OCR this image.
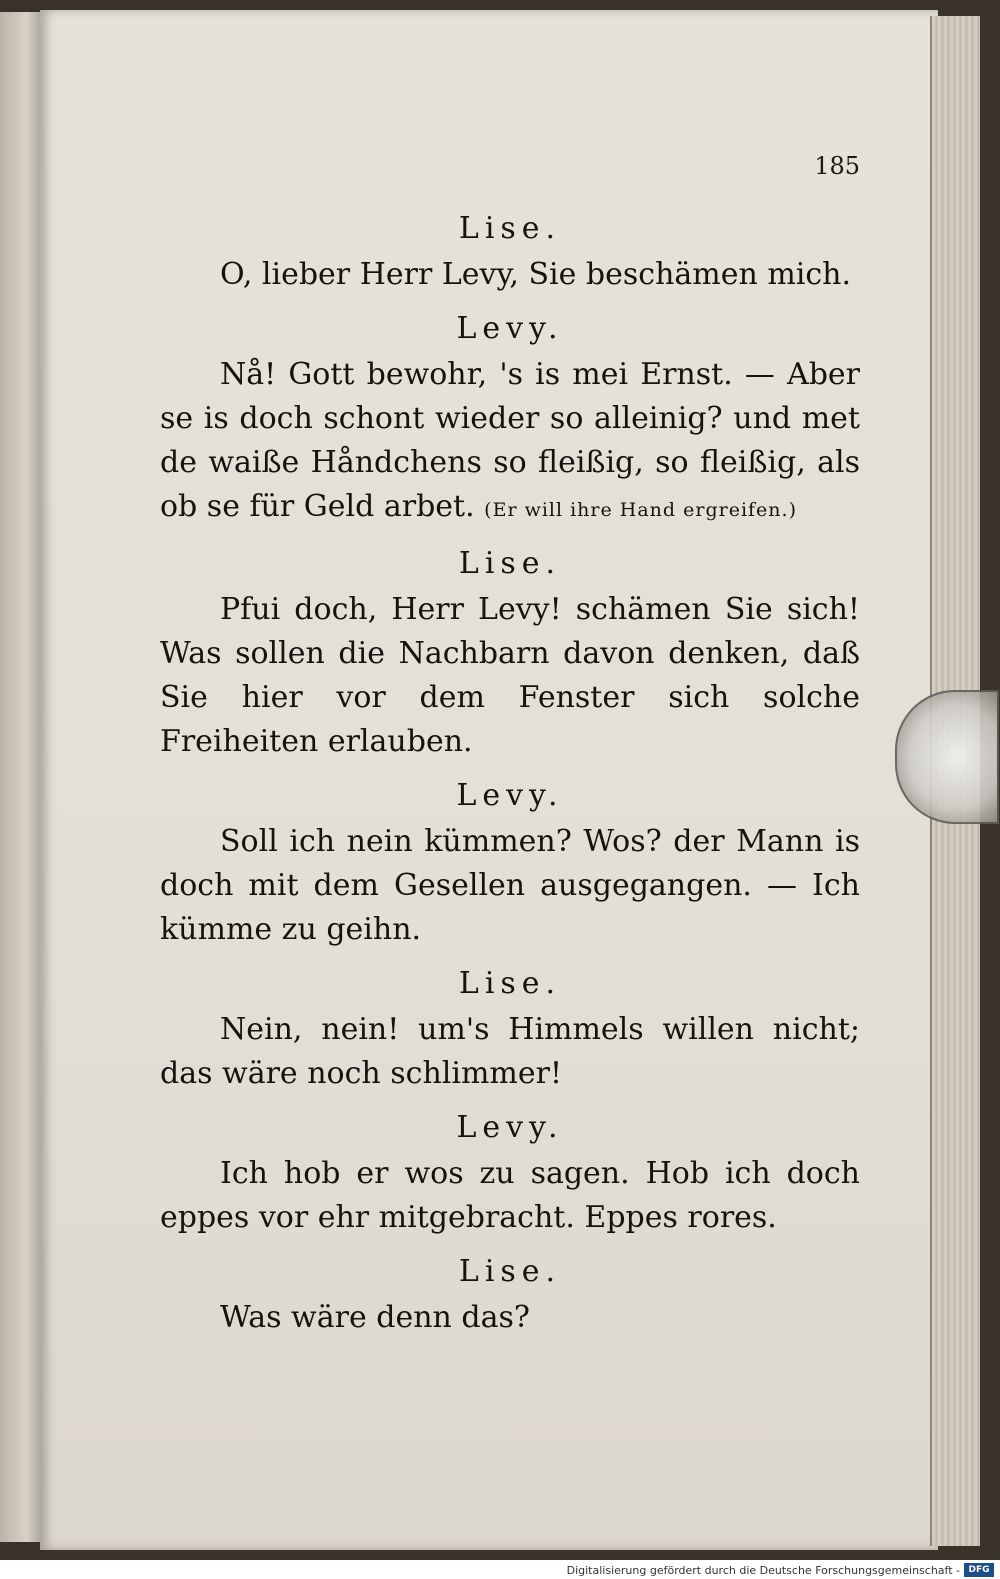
185

Lise.

O, lieber Herr Levy, Sie beschämen mich.

Levy.

Nå! Gott bewohr, 's is mei Ernst. — Aber se is doch schont wieder so alleinig? und met de waiße Håndchens so fleißig, so fleißig, als ob se für Geld arbet. (Er will ihre Hand ergreifen.)

Lise.

Pfui doch, Herr Levy! schämen Sie sich! Was sollen die Nachbarn davon denken, daß Sie hier vor dem Fenster sich solche Freiheiten erlauben.

Levy.

Soll ich nein kümmen? Wos? der Mann is doch mit dem Gesellen ausgegangen. — Ich kümme zu geihn.

Lise.

Nein, nein! um's Himmels willen nicht; das wäre noch schlimmer!

Levy.

Ich hob er wos zu sagen. Hob ich doch eppes vor ehr mitgebracht. Eppes rores.

Lise.

Was wäre denn das?

Digitalisierung gefördert durch die Deutsche Forschungsgemeinschaft - DFG
